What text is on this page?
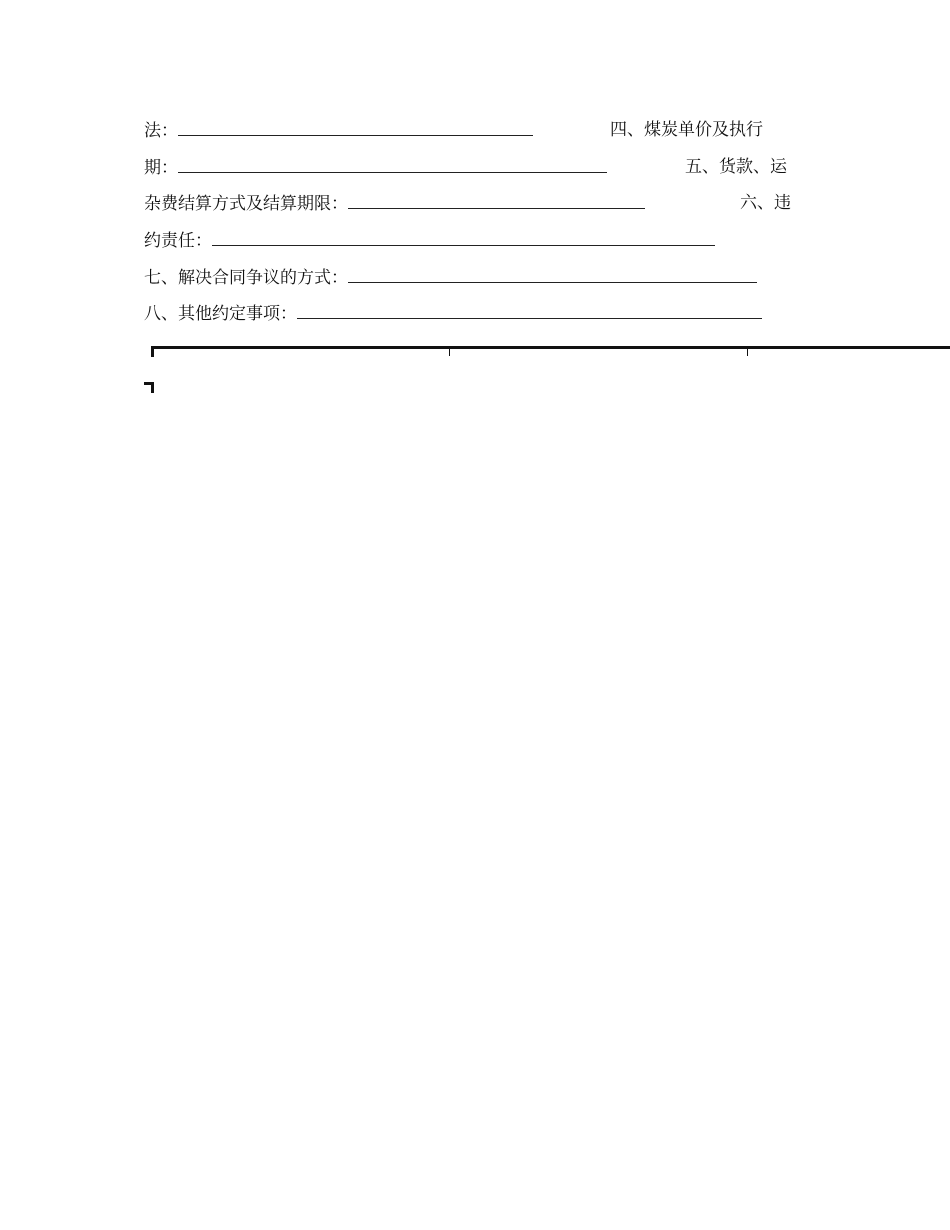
法：	四、煤炭单价及执行
期：	五、货款、运
杂费结算方式及结算期限：	六、违
约责任：
七、解决合同争议的方式：
八、其他约定事项：
